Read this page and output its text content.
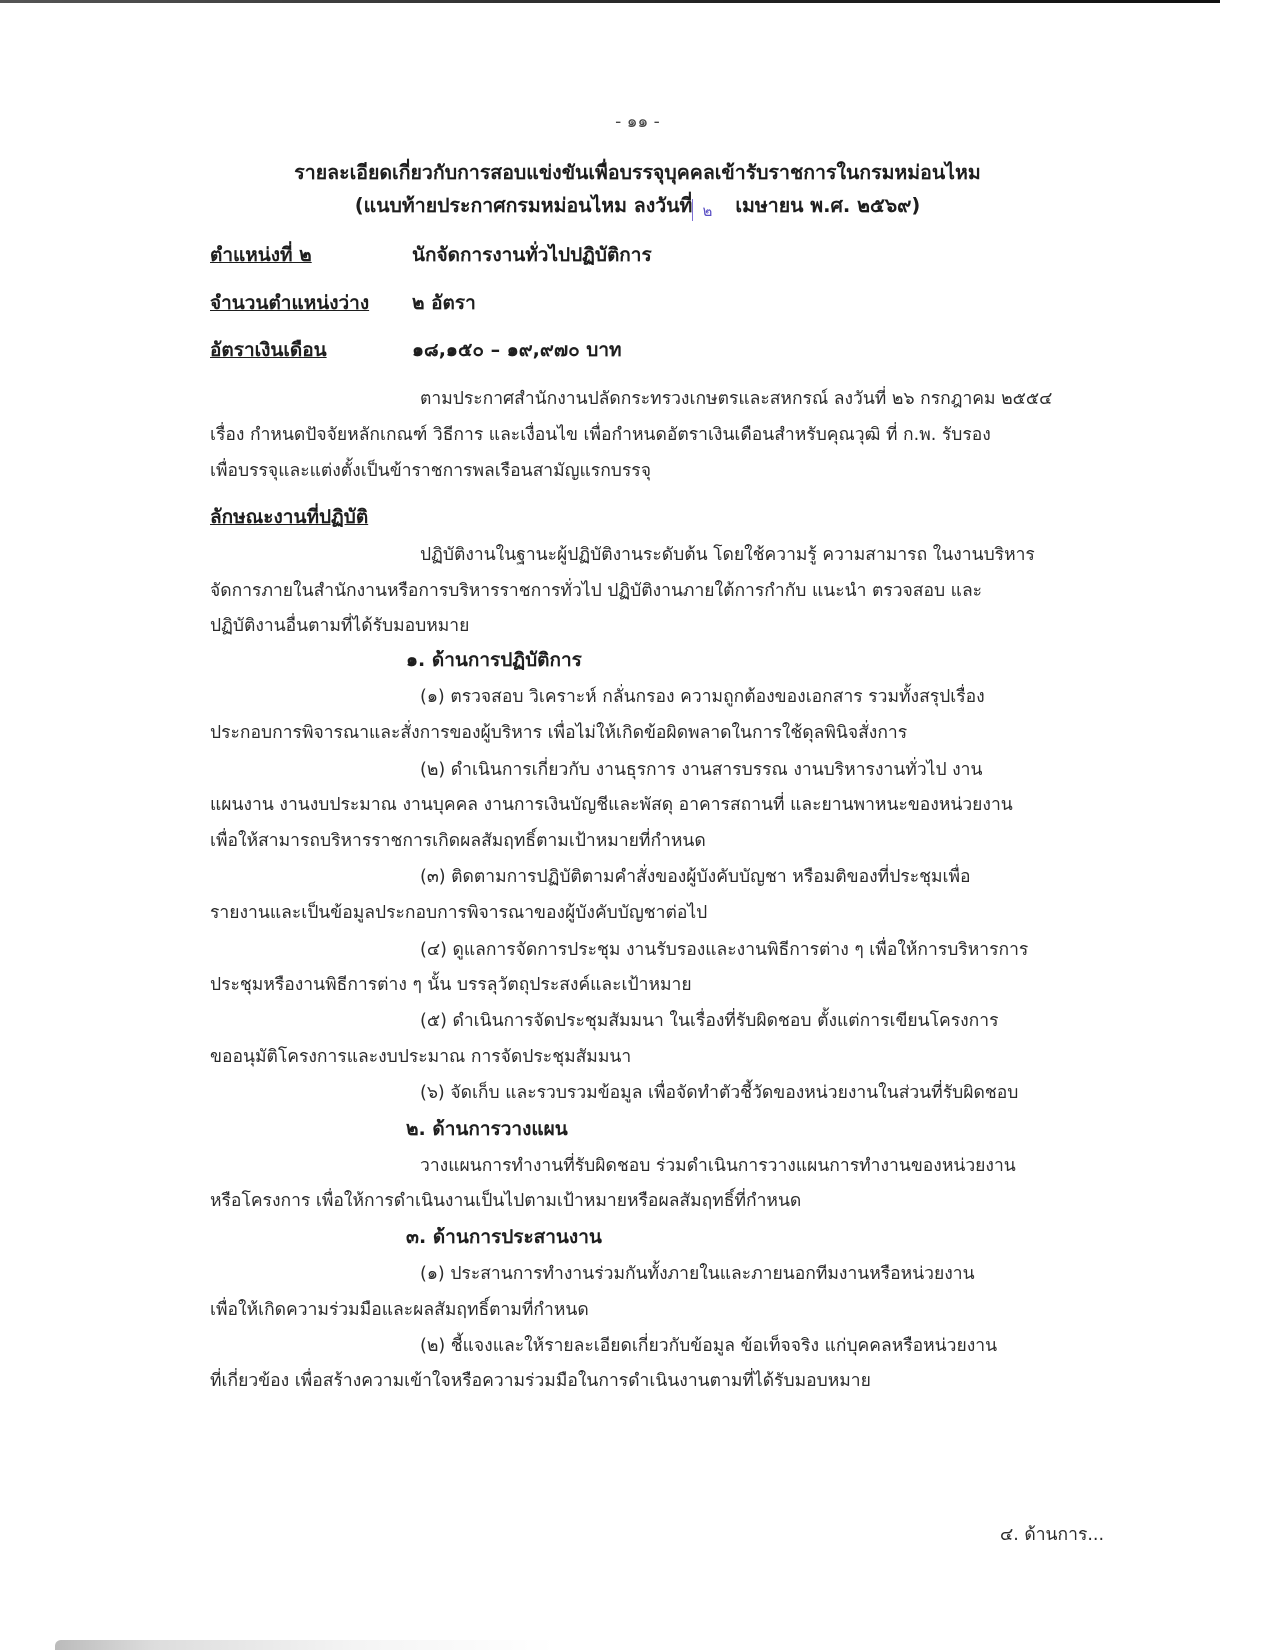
- ๑๑ -
รายละเอียดเกี่ยวกับการสอบแข่งขันเพื่อบรรจุบุคคลเข้ารับราชการในกรมหม่อนไหม
(แนบท้ายประกาศกรมหม่อนไหม ลงวันที่ ๒ เมษายน พ.ศ. ๒๕๖๙)
ตำแหน่งที่ ๒	นักจัดการงานทั่วไปปฏิบัติการ
จำนวนตำแหน่งว่าง ๒ อัตรา
อัตราเงินเดือน	๑๘,๑๕๐ – ๑๙,๙๗๐ บาท
ตามประกาศสำนักงานปลัดกระทรวงเกษตรและสหกรณ์ ลงวันที่ ๒๖ กรกฎาคม ๒๕๕๔
เรื่อง กำหนดปัจจัยหลักเกณฑ์ วิธีการ และเงื่อนไข เพื่อกำหนดอัตราเงินเดือนสำหรับคุณวุฒิ ที่ ก.พ. รับรอง
เพื่อบรรจุและแต่งตั้งเป็นข้าราชการพลเรือนสามัญแรกบรรจุ
ลักษณะงานที่ปฏิบัติ
ปฏิบัติงานในฐานะผู้ปฏิบัติงานระดับต้น โดยใช้ความรู้ ความสามารถ ในงานบริหาร
จัดการภายในสำนักงานหรือการบริหารราชการทั่วไป ปฏิบัติงานภายใต้การกำกับ แนะนำ ตรวจสอบ และ
ปฏิบัติงานอื่นตามที่ได้รับมอบหมาย
๑. ด้านการปฏิบัติการ
(๑) ตรวจสอบ วิเคราะห์ กลั่นกรอง ความถูกต้องของเอกสาร รวมทั้งสรุปเรื่อง
ประกอบการพิจารณาและสั่งการของผู้บริหาร เพื่อไม่ให้เกิดข้อผิดพลาดในการใช้ดุลพินิจสั่งการ
(๒) ดำเนินการเกี่ยวกับ งานธุรการ งานสารบรรณ งานบริหารงานทั่วไป งาน
แผนงาน งานงบประมาณ งานบุคคล งานการเงินบัญชีและพัสดุ อาคารสถานที่ และยานพาหนะของหน่วยงาน
เพื่อให้สามารถบริหารราชการเกิดผลสัมฤทธิ์ตามเป้าหมายที่กำหนด
(๓) ติดตามการปฏิบัติตามคำสั่งของผู้บังคับบัญชา หรือมติของที่ประชุมเพื่อ
รายงานและเป็นข้อมูลประกอบการพิจารณาของผู้บังคับบัญชาต่อไป
(๔) ดูแลการจัดการประชุม งานรับรองและงานพิธีการต่าง ๆ เพื่อให้การบริหารการ
ประชุมหรืองานพิธีการต่าง ๆ นั้น บรรลุวัตถุประสงค์และเป้าหมาย
(๕) ดำเนินการจัดประชุมสัมมนา ในเรื่องที่รับผิดชอบ ตั้งแต่การเขียนโครงการ
ขออนุมัติโครงการและงบประมาณ การจัดประชุมสัมมนา
(๖) จัดเก็บ และรวบรวมข้อมูล เพื่อจัดทำตัวชี้วัดของหน่วยงานในส่วนที่รับผิดชอบ
๒. ด้านการวางแผน
วางแผนการทำงานที่รับผิดชอบ ร่วมดำเนินการวางแผนการทำงานของหน่วยงาน
หรือโครงการ เพื่อให้การดำเนินงานเป็นไปตามเป้าหมายหรือผลสัมฤทธิ์ที่กำหนด
๓. ด้านการประสานงาน
(๑) ประสานการทำงานร่วมกันทั้งภายในและภายนอกทีมงานหรือหน่วยงาน
เพื่อให้เกิดความร่วมมือและผลสัมฤทธิ์ตามที่กำหนด
(๒) ชี้แจงและให้รายละเอียดเกี่ยวกับข้อมูล ข้อเท็จจริง แก่บุคคลหรือหน่วยงาน
ที่เกี่ยวข้อง เพื่อสร้างความเข้าใจหรือความร่วมมือในการดำเนินงานตามที่ได้รับมอบหมาย
๔. ด้านการ...
